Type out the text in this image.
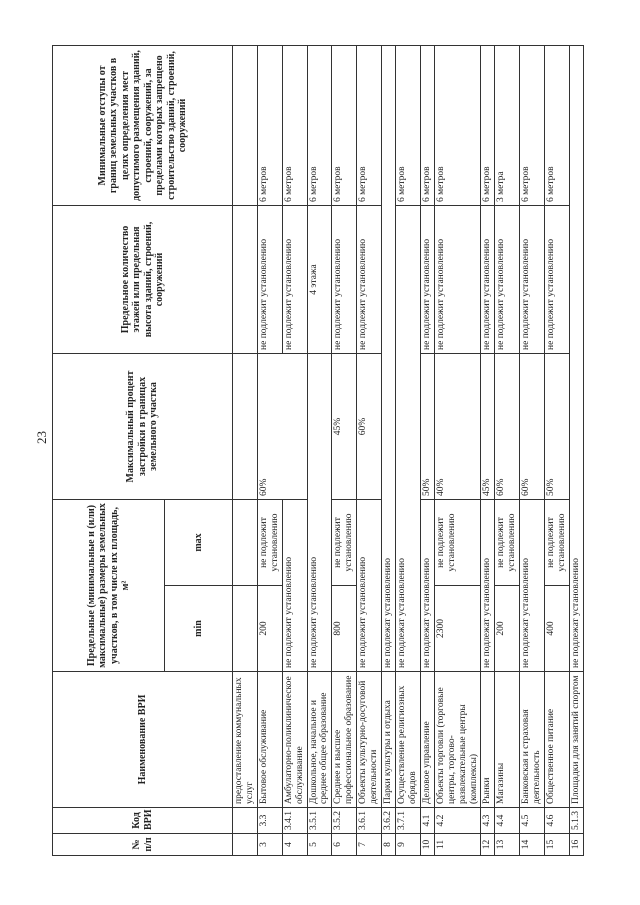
23
№ п/п	Код ВРИ	Наименование ВРИ	Предельные (минимальные и (или) максимальные) размеры земельных участков, в том числе их площадь, м²		Максимальный процент застройки в границах земельного участка	Предельное количество этажей или предельная высота зданий, строений, сооружений	Минимальные отступы от границ земельных участков в целях определения мест допустимого размещения зданий, строений, сооружений, за пределами которых запрещено строительство зданий, строений, сооружений
			min	max			
		предоставление коммунальных услуг					
3	3.3	Бытовое обслуживание	200	не подлежит установлению	60%	не подлежит установлению	6 метров
4	3.4.1	Амбулаторно-поликлиническое обслуживание	не подлежит установлению			не подлежит установлению	6 метров
5	3.5.1	Дошкольное, начальное и среднее общее образование	не подлежит установлению			4 этажа	6 метров
6	3.5.2	Среднее и высшее профессиональное образование	800	не подлежит установлению	45%	не подлежит установлению	6 метров
7	3.6.1	Объекты культурно-досуговой деятельности	не подлежит установлению		60%	не подлежит установлению	6 метров
8	3.6.2	Парки культуры и отдыха	не подлежат установлению				
9	3.7.1	Осуществление религиозных обрядов	не подлежат установлению				6 метров
10	4.1	Деловое управление	не подлежат установлению		50%	не подлежит установлению	6 метров
11	4.2	Объекты торговли (торговые центры, торгово-развлекательные центры (комплексы)	2300	не подлежит установлению	40%	не подлежит установлению	6 метров
12	4.3	Рынки	не подлежат установлению		45%	не подлежит установлению	6 метров
13	4.4	Магазины	200	не подлежит установлению	60%	не подлежит установлению	3 метра
14	4.5	Банковская и страховая деятельность	не подлежат установлению		60%	не подлежит установлению	6 метров
15	4.6	Общественное питание	400	не подлежит установлению	50%	не подлежит установлению	6 метров
16	5.1.3	Площадки для занятий спортом	не подлежат установлению				
